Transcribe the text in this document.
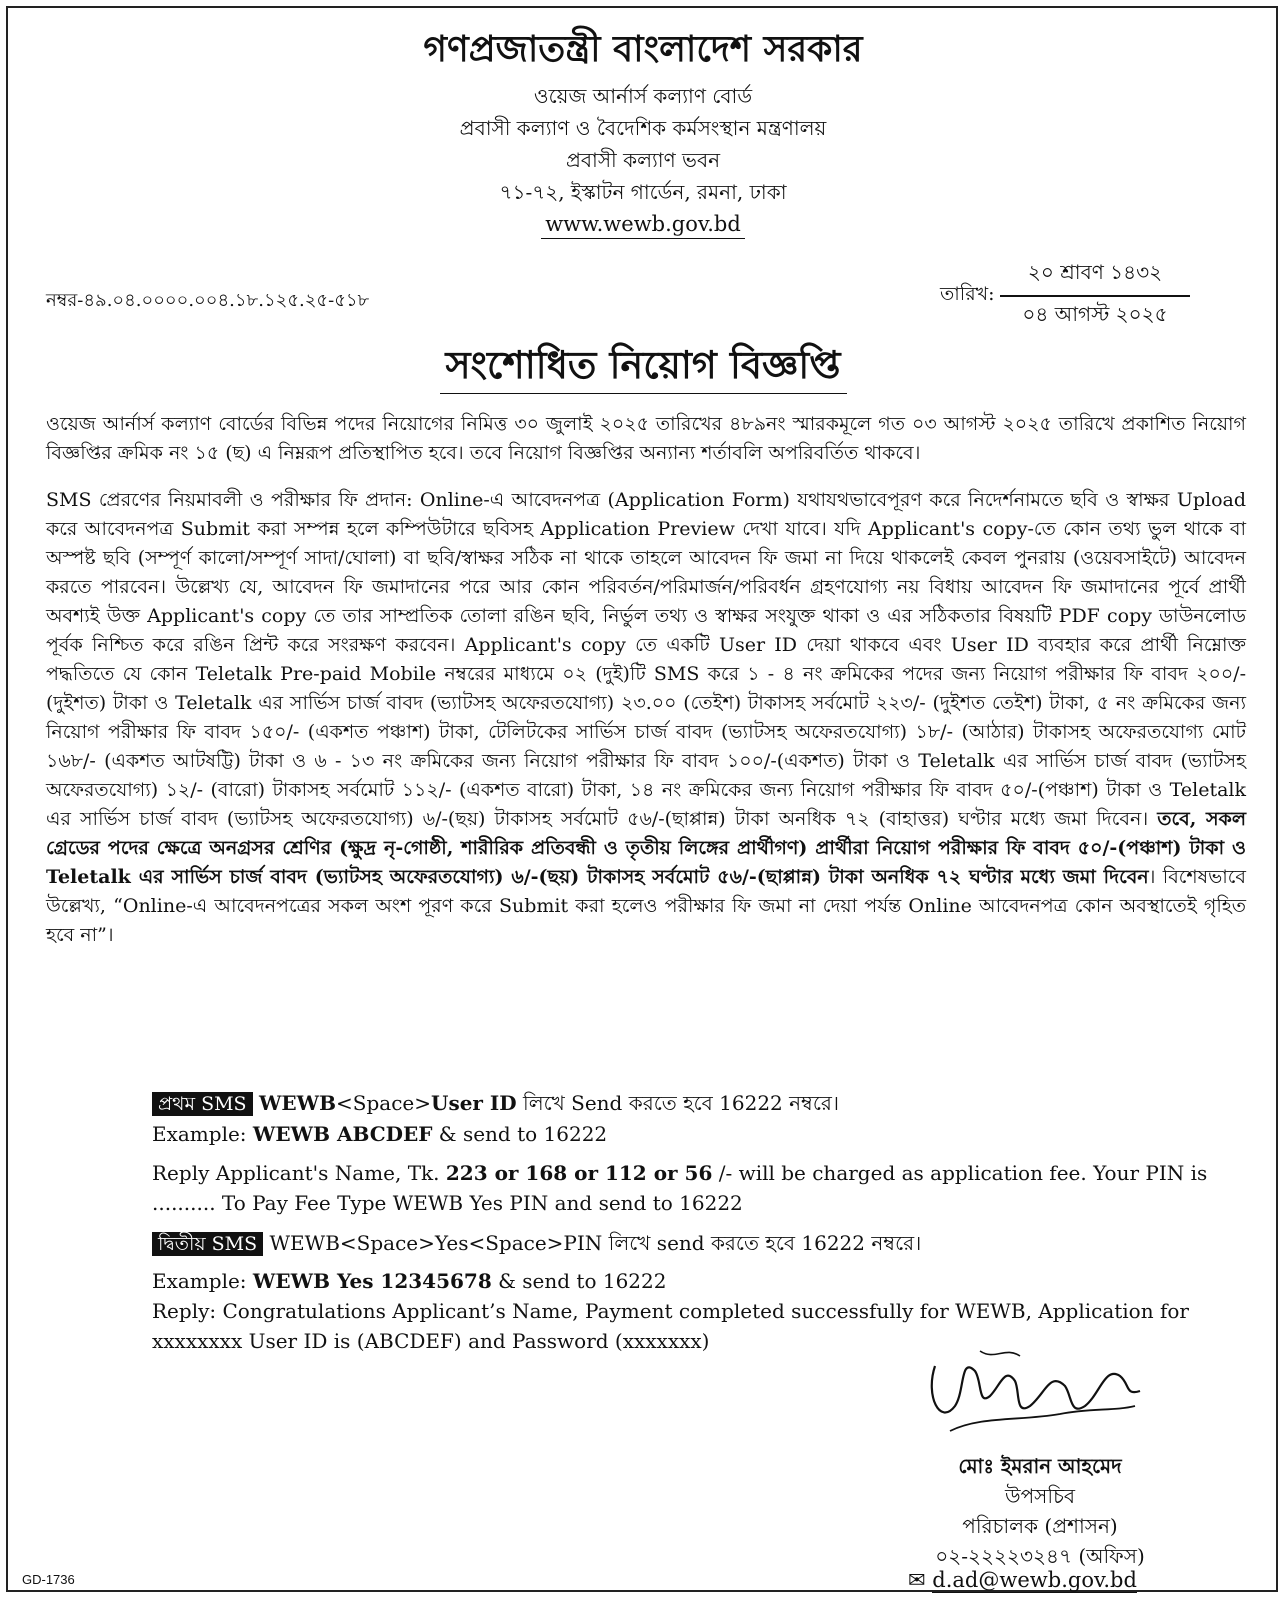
গণপ্রজাতন্ত্রী বাংলাদেশ সরকার
ওয়েজ আর্নার্স কল্যাণ বোর্ড
প্রবাসী কল্যাণ ও বৈদেশিক কর্মসংস্থান মন্ত্রণালয়
প্রবাসী কল্যাণ ভবন
৭১-৭২, ইস্কাটন গার্ডেন, রমনা, ঢাকা
www.wewb.gov.bd
নম্বর-৪৯.০৪.০০০০.০০৪.১৮.১২৫.২৫-৫১৮	তারিখ:
২০ শ্রাবণ ১৪৩২
০৪ আগস্ট ২০২৫
সংশোধিত নিয়োগ বিজ্ঞপ্তি
ওয়েজ আর্নার্স কল্যাণ বোর্ডের বিভিন্ন পদের নিয়োগের নিমিত্ত ৩০ জুলাই ২০২৫ তারিখের ৪৮৯নং স্মারকমূলে গত ০৩ আগস্ট ২০২৫ তারিখে প্রকাশিত নিয়োগ বিজ্ঞপ্তির ক্রমিক নং ১৫ (ছ) এ নিম্নরূপ প্রতিস্থাপিত হবে। তবে নিয়োগ বিজ্ঞপ্তির অন্যান্য শর্তাবলি অপরিবর্তিত থাকবে।
SMS প্রেরণের নিয়মাবলী ও পরীক্ষার ফি প্রদান: Online-এ আবেদনপত্র (Application Form) যথাযথভাবেপূরণ করে নিদের্শনামতে ছবি ও স্বাক্ষর Upload করে আবেদনপত্র Submit করা সম্পন্ন হলে কম্পিউটারে ছবিসহ Application Preview দেখা যাবে। যদি Applicant's copy-তে কোন তথ্য ভুল থাকে বা অস্পষ্ট ছবি (সম্পূর্ণ কালো/সম্পূর্ণ সাদা/ঘোলা) বা ছবি/স্বাক্ষর সঠিক না থাকে তাহলে আবেদন ফি জমা না দিয়ে থাকলেই কেবল পুনরায় (ওয়েবসাইটে) আবেদন করতে পারবেন। উল্লেখ্য যে, আবেদন ফি জমাদানের পরে আর কোন পরিবর্তন/পরিমার্জন/পরিবর্ধন গ্রহণযোগ্য নয় বিধায় আবেদন ফি জমাদানের পূর্বে প্রার্থী অবশ্যই উক্ত Applicant's copy তে তার সাম্প্রতিক তোলা রঙিন ছবি, নির্ভুল তথ্য ও স্বাক্ষর সংযুক্ত থাকা ও এর সঠিকতার বিষয়টি PDF copy ডাউনলোড পূর্বক নিশ্চিত করে রঙিন প্রিন্ট করে সংরক্ষণ করবেন। Applicant's copy তে একটি User ID দেয়া থাকবে এবং User ID ব্যবহার করে প্রার্থী নিম্নোক্ত পদ্ধতিতে যে কোন Teletalk Pre-paid Mobile নম্বরের মাধ্যমে ০২ (দুই)টি SMS করে ১ - ৪ নং ক্রমিকের পদের জন্য নিয়োগ পরীক্ষার ফি বাবদ ২০০/-(দুইশত) টাকা ও Teletalk এর সার্ভিস চার্জ বাবদ (ভ্যাটসহ অফেরতযোগ্য) ২৩.০০ (তেইশ) টাকাসহ সর্বমোট ২২৩/- (দুইশত তেইশ) টাকা, ৫ নং ক্রমিকের জন্য নিয়োগ পরীক্ষার ফি বাবদ ১৫০/- (একশত পঞ্চাশ) টাকা, টেলিটকের সার্ভিস চার্জ বাবদ (ভ্যাটসহ অফেরতযোগ্য) ১৮/- (আঠার) টাকাসহ অফেরতযোগ্য মোট ১৬৮/- (একশত আটষট্টি) টাকা ও ৬ - ১৩ নং ক্রমিকের জন্য নিয়োগ পরীক্ষার ফি বাবদ ১০০/-(একশত) টাকা ও Teletalk এর সার্ভিস চার্জ বাবদ (ভ্যাটসহ অফেরতযোগ্য) ১২/- (বারো) টাকাসহ সর্বমোট ১১২/- (একশত বারো) টাকা, ১৪ নং ক্রমিকের জন্য নিয়োগ পরীক্ষার ফি বাবদ ৫০/-(পঞ্চাশ) টাকা ও Teletalk এর সার্ভিস চার্জ বাবদ (ভ্যাটসহ অফেরতযোগ্য) ৬/-(ছয়) টাকাসহ সর্বমোট ৫৬/-(ছাপ্পান্ন) টাকা অনধিক ৭২ (বাহাত্তর) ঘণ্টার মধ্যে জমা দিবেন। তবে, সকল গ্রেডের পদের ক্ষেত্রে অনগ্রসর শ্রেণির (ক্ষুদ্র নৃ-গোষ্ঠী, শারীরিক প্রতিবন্ধী ও তৃতীয় লিঙ্গের প্রার্থীগণ) প্রার্থীরা নিয়োগ পরীক্ষার ফি বাবদ ৫০/-(পঞ্চাশ) টাকা ও Teletalk এর সার্ভিস চার্জ বাবদ (ভ্যাটসহ অফেরতযোগ্য) ৬/-(ছয়) টাকাসহ সর্বমোট ৫৬/-(ছাপ্পান্ন) টাকা অনধিক ৭২ ঘণ্টার মধ্যে জমা দিবেন। বিশেষভাবে উল্লেখ্য, “Online-এ আবেদনপত্রের সকল অংশ পূরণ করে Submit করা হলেও পরীক্ষার ফি জমা না দেয়া পর্যন্ত Online আবেদনপত্র কোন অবস্থাতেই গৃহিত হবে না”।
প্রথম SMS WEWB<Space>User ID লিখে Send করতে হবে 16222 নম্বরে।
Example: WEWB ABCDEF & send to 16222
Reply Applicant's Name, Tk. 223 or 168 or 112 or 56 /- will be charged as application fee. Your PIN is .......... To Pay Fee Type WEWB Yes PIN and send to 16222
দ্বিতীয় SMS WEWB<Space>Yes<Space>PIN লিখে send করতে হবে 16222 নম্বরে।
Example: WEWB Yes 12345678 & send to 16222
Reply: Congratulations Applicant’s Name, Payment completed successfully for WEWB, Application for xxxxxxxx User ID is (ABCDEF) and Password (xxxxxxx)
মোঃ ইমরান আহমেদ
উপসচিব
পরিচালক (প্রশাসন)
০২-২২২২৩২৪৭ (অফিস)
✉ d.ad@wewb.gov.bd
GD-1736
